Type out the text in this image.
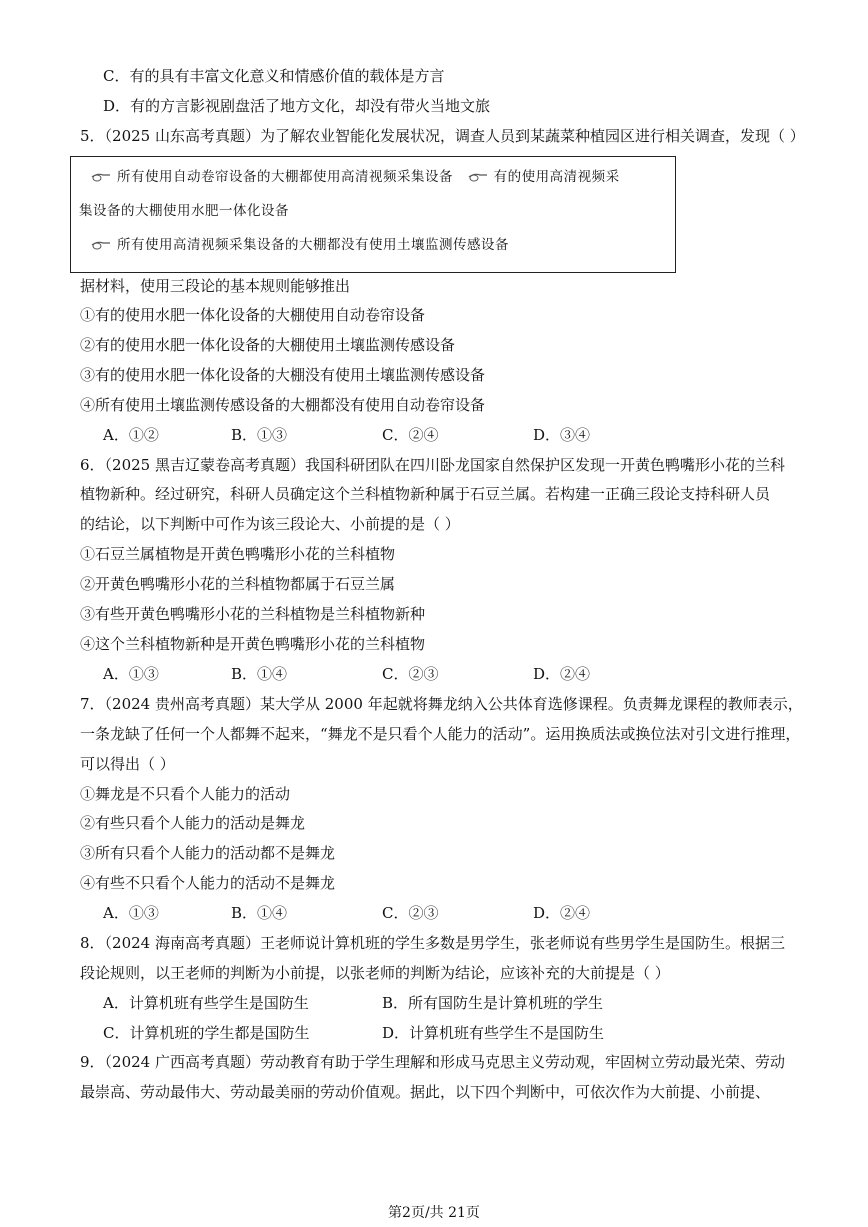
C．有的具有丰富文化意义和情感价值的载体是方言
D．有的方言影视剧盘活了地方文化，却没有带火当地文旅
5．（2025 山东高考真题）为了解农业智能化发展状况，调查人员到某蔬菜种植园区进行相关调查，发现（ ）
所有使用自动卷帘设备的大棚都使用高清视频采集设备	有的使用高清视频采
集设备的大棚使用水肥一体化设备
所有使用高清视频采集设备的大棚都没有使用土壤监测传感设备
据材料，使用三段论的基本规则能够推出
①有的使用水肥一体化设备的大棚使用自动卷帘设备
②有的使用水肥一体化设备的大棚使用土壤监测传感设备
③有的使用水肥一体化设备的大棚没有使用土壤监测传感设备
④所有使用土壤监测传感设备的大棚都没有使用自动卷帘设备
A．①②	B．①③	C．②④	D．③④
6．（2025 黑吉辽蒙卷高考真题）我国科研团队在四川卧龙国家自然保护区发现一开黄色鸭嘴形小花的兰科
植物新种。经过研究，科研人员确定这个兰科植物新种属于石豆兰属。若构建一正确三段论支持科研人员
的结论，以下判断中可作为该三段论大、小前提的是（ ）
①石豆兰属植物是开黄色鸭嘴形小花的兰科植物
②开黄色鸭嘴形小花的兰科植物都属于石豆兰属
③有些开黄色鸭嘴形小花的兰科植物是兰科植物新种
④这个兰科植物新种是开黄色鸭嘴形小花的兰科植物
A．①③	B．①④	C．②③	D．②④
7．（2024 贵州高考真题）某大学从 2000 年起就将舞龙纳入公共体育选修课程。负责舞龙课程的教师表示，
一条龙缺了任何一个人都舞不起来，“舞龙不是只看个人能力的活动”。运用换质法或换位法对引文进行推理，
可以得出（ ）
①舞龙是不只看个人能力的活动
②有些只看个人能力的活动是舞龙
③所有只看个人能力的活动都不是舞龙
④有些不只看个人能力的活动不是舞龙
A．①③	B．①④	C．②③	D．②④
8．（2024 海南高考真题）王老师说计算机班的学生多数是男学生，张老师说有些男学生是国防生。根据三
段论规则，以王老师的判断为小前提，以张老师的判断为结论，应该补充的大前提是（ ）
A．计算机班有些学生是国防生	B．所有国防生是计算机班的学生
C．计算机班的学生都是国防生	D．计算机班有些学生不是国防生
9．（2024 广西高考真题）劳动教育有助于学生理解和形成马克思主义劳动观，牢固树立劳动最光荣、劳动
最崇高、劳动最伟大、劳动最美丽的劳动价值观。据此，以下四个判断中，可依次作为大前提、小前提、
第2页/共 21页
